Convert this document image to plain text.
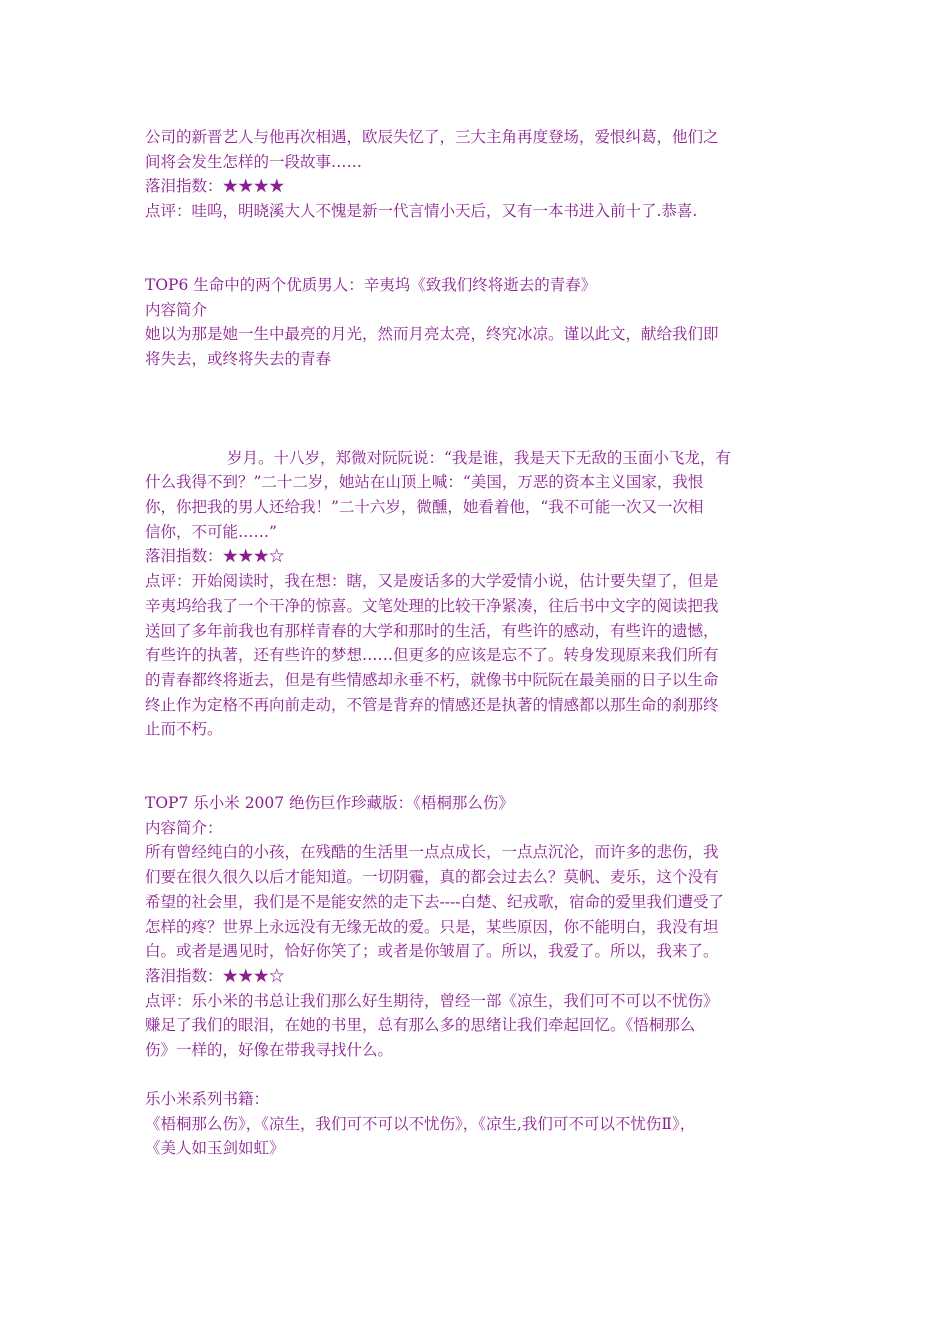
公司的新晋艺人与他再次相遇，欧辰失忆了，三大主角再度登场，爱恨纠葛，他们之

间将会发生怎样的一段故事……

落泪指数：★★★★

点评：哇呜，明晓溪大人不愧是新一代言情小天后，又有一本书进入前十了.恭喜.

TOP6 生命中的两个优质男人：辛夷坞《致我们终将逝去的青春》

内容简介

她以为那是她一生中最亮的月光，然而月亮太亮，终究冰凉。谨以此文，献给我们即

将失去，或终将失去的青春

岁月。十八岁，郑微对阮阮说：“我是谁，我是天下无敌的玉面小飞龙，有

什么我得不到？”二十二岁，她站在山顶上喊：“美国，万恶的资本主义国家，我恨

你，你把我的男人还给我！”二十六岁，微醺，她看着他，“我不可能一次又一次相

信你，不可能……”

落泪指数：★★★☆

点评：开始阅读时，我在想：瞎，又是废话多的大学爱情小说，估计要失望了，但是

辛夷坞给我了一个干净的惊喜。文笔处理的比较干净紧凑，往后书中文字的阅读把我

送回了多年前我也有那样青春的大学和那时的生活，有些许的感动，有些许的遗憾，

有些许的执著，还有些许的梦想……但更多的应该是忘不了。转身发现原来我们所有

的青春都终将逝去，但是有些情感却永垂不朽，就像书中阮阮在最美丽的日子以生命

终止作为定格不再向前走动，不管是背弃的情感还是执著的情感都以那生命的刹那终

止而不朽。

TOP7 乐小米 2007 绝伤巨作珍藏版：《梧桐那么伤》

内容简介：

所有曾经纯白的小孩，在残酷的生活里一点点成长，一点点沉沦，而许多的悲伤，我

们要在很久很久以后才能知道。一切阴霾，真的都会过去么？莫帆、麦乐，这个没有

希望的社会里，我们是不是能安然的走下去----白楚、纪戎歌，宿命的爱里我们遭受了

怎样的疼？世界上永远没有无缘无故的爱。只是，某些原因，你不能明白，我没有坦

白。或者是遇见时，恰好你笑了；或者是你皱眉了。所以，我爱了。所以，我来了。

落泪指数：★★★☆

点评：乐小米的书总让我们那么好生期待，曾经一部《凉生，我们可不可以不忧伤》

赚足了我们的眼泪，在她的书里，总有那么多的思绪让我们牵起回忆。《悟桐那么

伤》一样的，好像在带我寻找什么。

乐小米系列书籍：

《梧桐那么伤》，《凉生，我们可不可以不忧伤》，《凉生,我们可不可以不忧伤Ⅱ》，

《美人如玉剑如虹》
